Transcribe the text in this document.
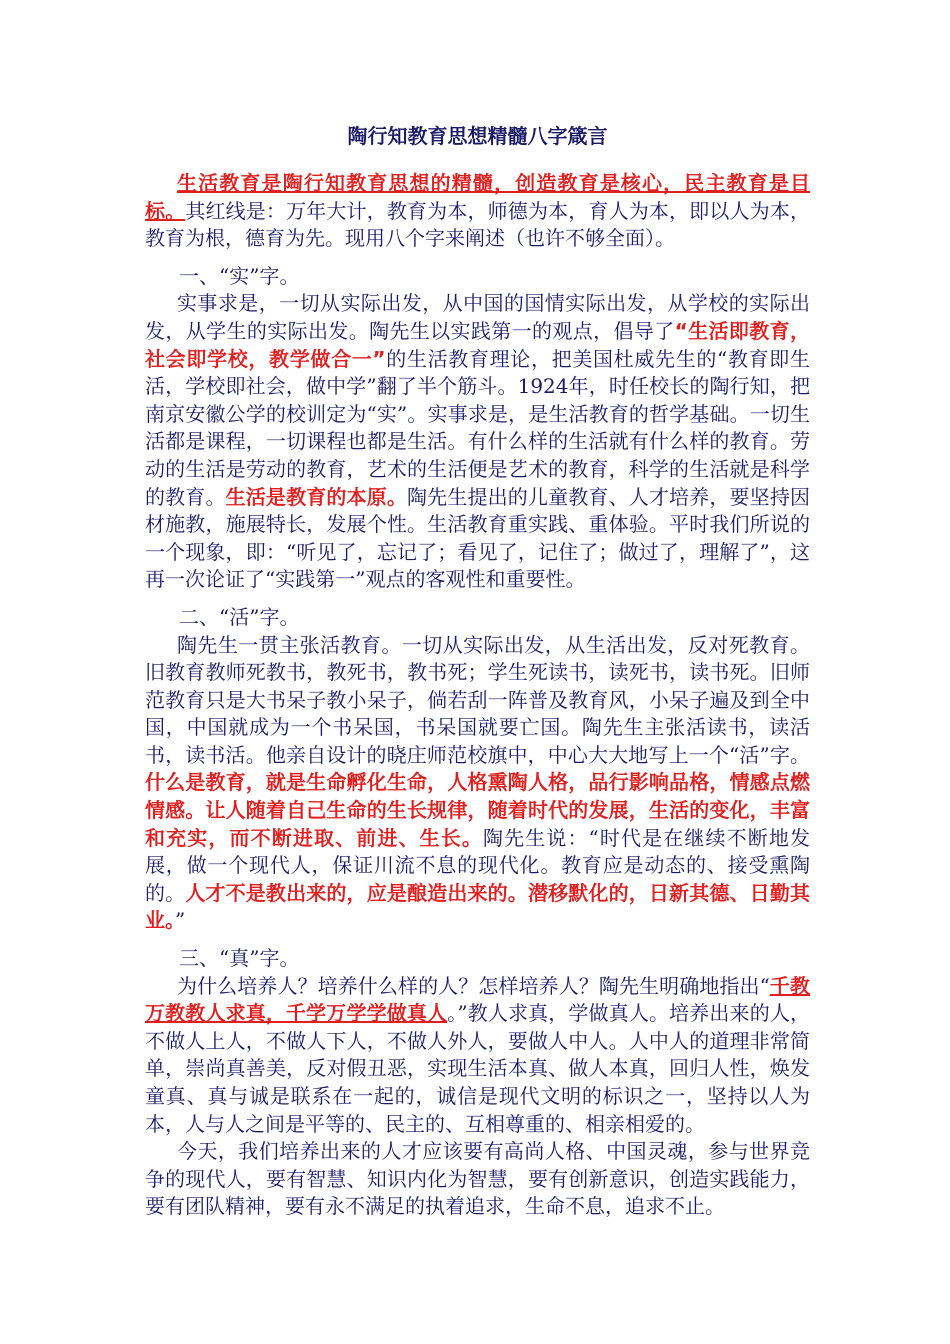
陶行知教育思想精髓八字箴言

生活教育是陶行知教育思想的精髓，创造教育是核心，民主教育是目标。其红线是：万年大计，教育为本，师德为本，育人为本，即以人为本，教育为根，德育为先。现用八个字来阐述（也许不够全面）。

一、“实”字。

实事求是，一切从实际出发，从中国的国情实际出发，从学校的实际出发，从学生的实际出发。陶先生以实践第一的观点，倡导了“生活即教育，社会即学校，教学做合一”的生活教育理论，把美国杜威先生的“教育即生活，学校即社会，做中学”翻了半个筋斗。1924年，时任校长的陶行知，把南京安徽公学的校训定为“实”。实事求是，是生活教育的哲学基础。一切生活都是课程，一切课程也都是生活。有什么样的生活就有什么样的教育。劳动的生活是劳动的教育，艺术的生活便是艺术的教育，科学的生活就是科学的教育。生活是教育的本原。陶先生提出的儿童教育、人才培养，要坚持因材施教，施展特长，发展个性。生活教育重实践、重体验。平时我们所说的一个现象，即：“听见了，忘记了；看见了，记住了；做过了，理解了”，这再一次论证了“实践第一”观点的客观性和重要性。

二、“活”字。

陶先生一贯主张活教育。一切从实际出发，从生活出发，反对死教育。旧教育教师死教书，教死书，教书死；学生死读书，读死书，读书死。旧师范教育只是大书呆子教小呆子，倘若刮一阵普及教育风，小呆子遍及到全中国，中国就成为一个书呆国，书呆国就要亡国。陶先生主张活读书，读活书，读书活。他亲自设计的晓庄师范校旗中，中心大大地写上一个“活”字。什么是教育，就是生命孵化生命，人格熏陶人格，品行影响品格，情感点燃情感。让人随着自己生命的生长规律，随着时代的发展，生活的变化，丰富和充实，而不断进取、前进、生长。陶先生说：“时代是在继续不断地发展，做一个现代人，保证川流不息的现代化。教育应是动态的、接受熏陶的。人才不是教出来的，应是酿造出来的。潜移默化的，日新其德、日勤其业。”

三、“真”字。

为什么培养人？培养什么样的人？怎样培养人？陶先生明确地指出“千教万教教人求真，千学万学学做真人。”教人求真，学做真人。培养出来的人，不做人上人，不做人下人，不做人外人，要做人中人。人中人的道理非常简单，崇尚真善美，反对假丑恶，实现生活本真、做人本真，回归人性，焕发童真、真与诚是联系在一起的，诚信是现代文明的标识之一，坚持以人为本，人与人之间是平等的、民主的、互相尊重的、相亲相爱的。

今天，我们培养出来的人才应该要有高尚人格、中国灵魂，参与世界竞争的现代人，要有智慧、知识内化为智慧，要有创新意识，创造实践能力，要有团队精神，要有永不满足的执着追求，生命不息，追求不止。
